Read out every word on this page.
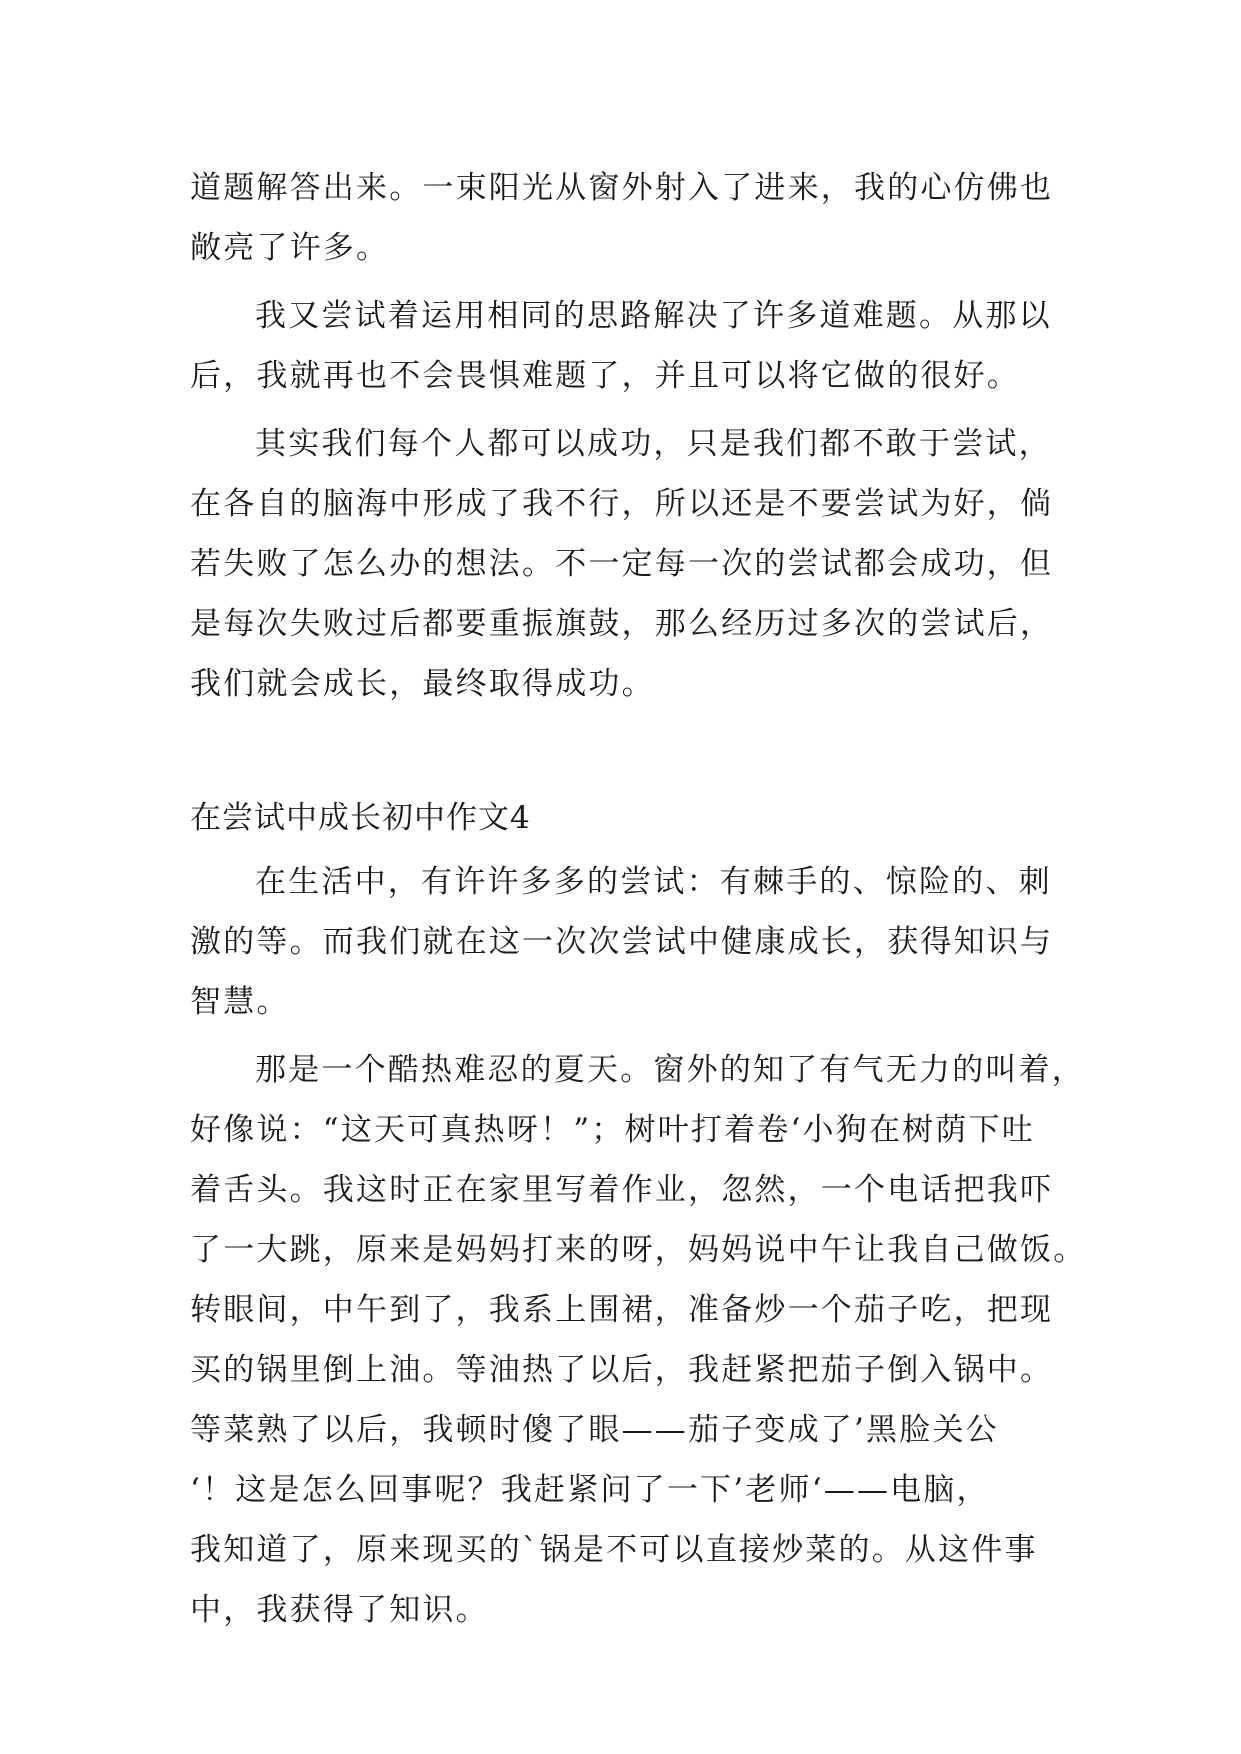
道题解答出来。一束阳光从窗外射入了进来，我的心仿佛也
敞亮了许多。
我又尝试着运用相同的思路解决了许多道难题。从那以
后，我就再也不会畏惧难题了，并且可以将它做的很好。
其实我们每个人都可以成功，只是我们都不敢于尝试，
在各自的脑海中形成了我不行，所以还是不要尝试为好，倘
若失败了怎么办的想法。不一定每一次的尝试都会成功，但
是每次失败过后都要重振旗鼓，那么经历过多次的尝试后，
我们就会成长，最终取得成功。
在尝试中成长初中作文4
在生活中，有许许多多的尝试：有棘手的、惊险的、刺
激的等。而我们就在这一次次尝试中健康成长，获得知识与
智慧。
那是一个酷热难忍的夏天。窗外的知了有气无力的叫着，
好像说：“这天可真热呀！”；树叶打着卷‘小狗在树荫下吐
着舌头。我这时正在家里写着作业，忽然，一个电话把我吓
了一大跳，原来是妈妈打来的呀，妈妈说中午让我自己做饭。
转眼间，中午到了，我系上围裙，准备炒一个茄子吃，把现
买的锅里倒上油。等油热了以后，我赶紧把茄子倒入锅中。
等菜熟了以后，我顿时傻了眼——茄子变成了’黑脸关公
‘！这是怎么回事呢？我赶紧问了一下’老师‘——电脑，
我知道了，原来现买的`锅是不可以直接炒菜的。从这件事
中，我获得了知识。
